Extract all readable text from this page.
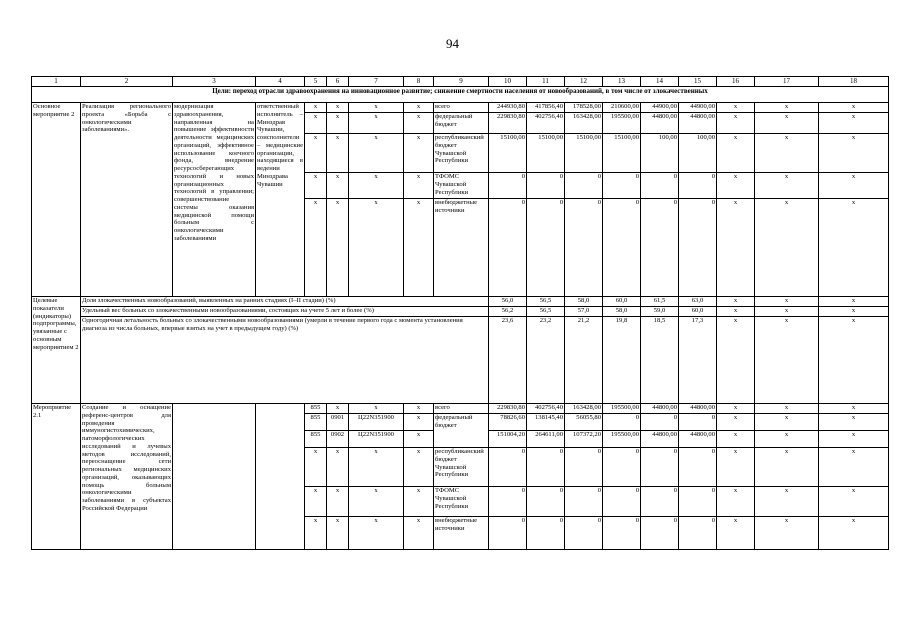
94
1	2	3	4	5	6	7	8	9	10	11	12	13	14	15	16	17	18
Цели: переход отрасли здравоохранения на инновационное развитие; снижение смертности населения от новообразований, в том числе от злокачественных																	
Основное мероприятие 2	Реализация регионального проекта «Борьба с онкологическими заболеваниями».	модернизация здравоохранения, направленная на повышение эффективности деятельности медицинских организаций, эффективное использование коечного фонда, внедрение ресурсосберегающих технологий и новых организационных технологий в управлении; совершенствование системы оказания медицинской помощи больным с онкологическими заболеваниями	ответственный исполнитель – Минздрав Чувашии, соисполнители – медицинские организации, находящиеся в ведении Минздрава Чувашии	x	x	x	x	всего	244930,80	417856,40	178528,00	210600,00	44900,00	44900,00	x	x	x
				x	x	x	x	федеральный бюджет	229830,80	402756,40	163428,00	195500,00	44800,00	44800,00	x	x	x
				x	x	x	x	республиканский бюджет Чувашской Республики	15100,00	15100,00	15100,00	15100,00	100,00	100,00	x	x	x
				x	x	x	x	ТФОМС Чувашской Республики	0	0	0	0	0	0	x	x	x
				x	x	x	x	внебюджетные источники	0	0	0	0	0	0	x	x	x
Целевые показатели (индикаторы) подпрограммы, увязанные с основным мероприятием 2	Доля злокачественных новообразований, выявленных на ранних стадиях (I–II стадии) (%)								56,0	56,5	58,0	60,0	61,5	63,0	x	x	x
	Удельный вес больных со злокачественными новообразованиями, состоящих на учете 5 лет и более (%)								56,2	56,5	57,0	58,0	59,0	60,0	x	x	x
	Одногодичная летальность больных со злокачественными новообразованиями (умерли в течение первого года с момента установления диагноза из числа больных, впервые взятых на учет в предыдущем году) (%)								23,6	23,2	21,2	19,8	18,5	17,3	x	x	x
Мероприятие 2.1	Создание и оснащение референс-центров для проведения иммуногистохимических, патоморфологических исследований и лучевых методов исследований, переоснащение сети региональных медицинских организаций, оказывающих помощь больным онкологическими заболеваниями в субъектах Российской Федерации			855	x	x	x	всего	229830,80	402756,40	163428,00	195500,00	44800,00	44800,00	x	x	x
				855	0901	Ц22N351900	x	федеральный бюджет	78826,60	138145,40	56055,80	0	0	0	x	x	x
				855	0902	Ц22N351900	x		151004,20	264611,00	107372,20	195500,00	44800,00	44800,00	x	x	x
				x	x	x	x	республиканский бюджет Чувашской Республики	0	0	0	0	0	0	x	x	x
				x	x	x	x	ТФОМС Чувашской Республики	0	0	0	0	0	0	x	x	x
				x	x	x	x	внебюджетные источники	0	0	0	0	0	0	x	x	x
